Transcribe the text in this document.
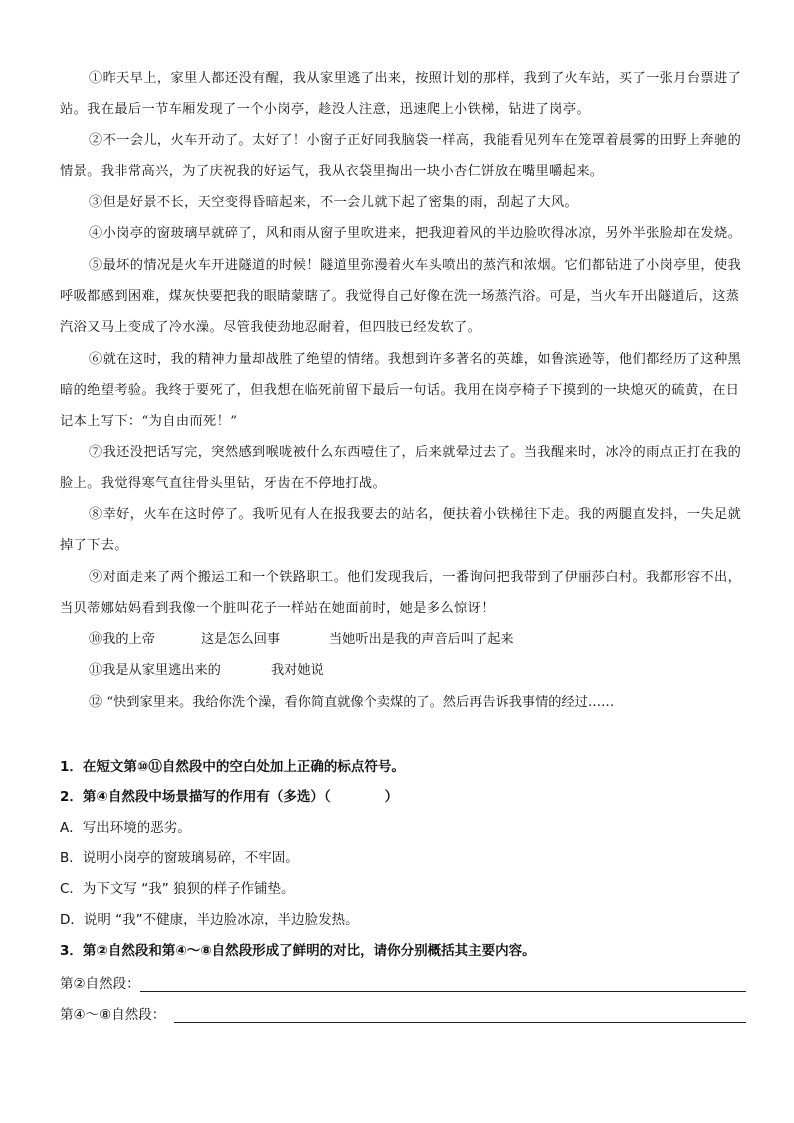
①昨天早上，家里人都还没有醒，我从家里逃了出来，按照计划的那样，我到了火车站，买了一张月台票进了站。我在最后一节车厢发现了一个小岗亭，趁没人注意，迅速爬上小铁梯，钻进了岗亭。
②不一会儿，火车开动了。太好了！小窗子正好同我脑袋一样高，我能看见列车在笼罩着晨雾的田野上奔驰的情景。我非常高兴，为了庆祝我的好运气，我从衣袋里掏出一块小杏仁饼放在嘴里嚼起来。
③但是好景不长，天空变得昏暗起来，不一会儿就下起了密集的雨，刮起了大风。
④小岗亭的窗玻璃早就碎了，风和雨从窗子里吹进来，把我迎着风的半边脸吹得冰凉，另外半张脸却在发烧。
⑤最坏的情况是火车开进隧道的时候！隧道里弥漫着火车头喷出的蒸汽和浓烟。它们都钻进了小岗亭里，使我呼吸都感到困难，煤灰快要把我的眼睛蒙瞎了。我觉得自己好像在洗一场蒸汽浴。可是，当火车开出隧道后，这蒸汽浴又马上变成了冷水澡。尽管我使劲地忍耐着，但四肢已经发软了。
⑥就在这时，我的精神力量却战胜了绝望的情绪。我想到许多著名的英雄，如鲁滨逊等，他们都经历了这种黑暗的绝望考验。我终于要死了，但我想在临死前留下最后一句话。我用在岗亭椅子下摸到的一块熄灭的硫黄，在日记本上写下：“为自由而死！”
⑦我还没把话写完，突然感到喉咙被什么东西噎住了，后来就晕过去了。当我醒来时，冰冷的雨点正打在我的脸上。我觉得寒气直往骨头里钻，牙齿在不停地打战。
⑧幸好，火车在这时停了。我听见有人在报我要去的站名，便扶着小铁梯往下走。我的两腿直发抖，一失足就掉了下去。
⑨对面走来了两个搬运工和一个铁路职工。他们发现我后，一番询问把我带到了伊丽莎白村。我都形容不出，当贝蒂娜姑妈看到我像一个脏叫花子一样站在她面前时，她是多么惊讶！
⑩我的上帝	这是怎么回事	当她听出是我的声音后叫了起来
⑪我是从家里逃出来的	我对她说
⑫ “快到家里来。我给你洗个澡，看你简直就像个卖煤的了。然后再告诉我事情的经过……
1．在短文第⑩⑪自然段中的空白处加上正确的标点符号。
2．第④自然段中场景描写的作用有（多选）（　　　　）
A．写出环境的恶劣。
B．说明小岗亭的窗玻璃易碎，不牢固。
C．为下文写 “我” 狼狈的样子作铺垫。
D．说明 “我”不健康，半边脸冰凉，半边脸发热。
3．第②自然段和第④～⑧自然段形成了鲜明的对比，请你分别概括其主要内容。
第②自然段：
第④～⑧自然段：
